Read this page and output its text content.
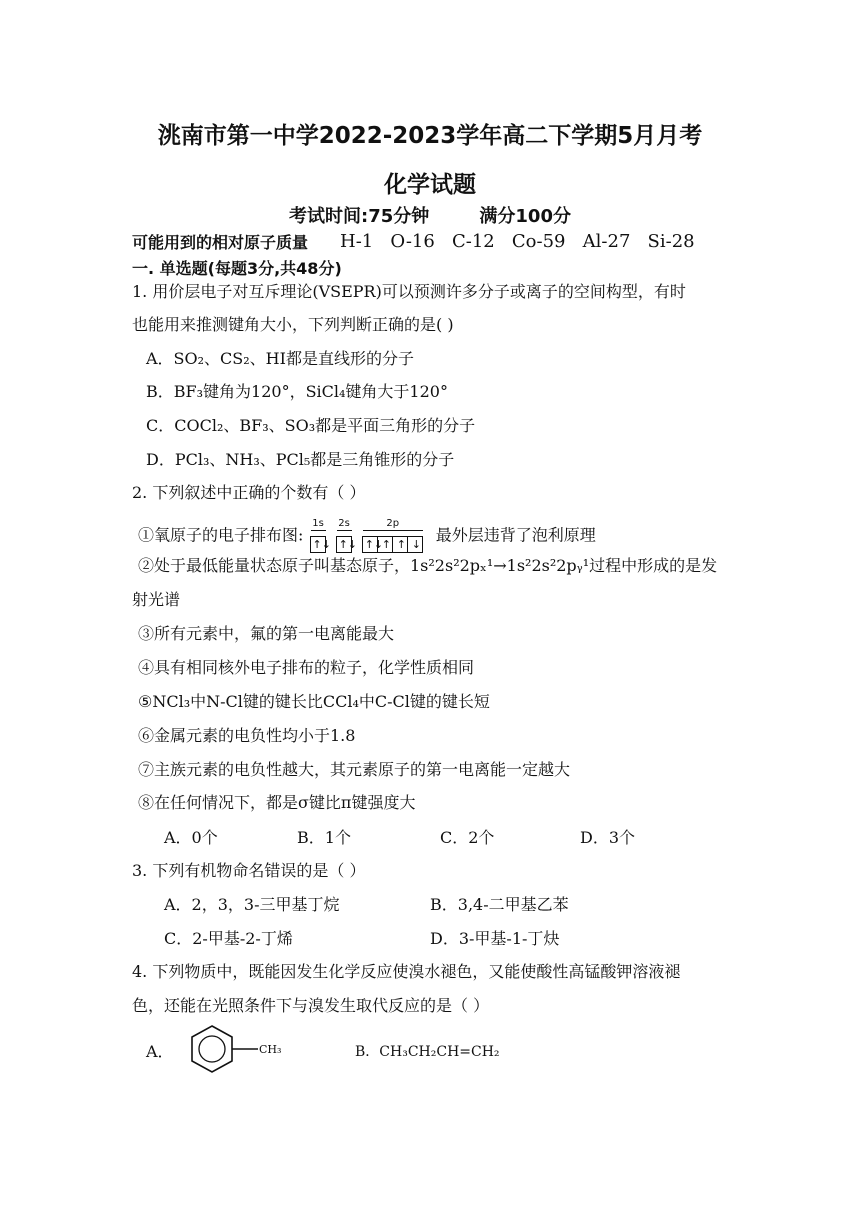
洮南市第一中学2022-2023学年高二下学期5月月考
化学试题
考试时间:75分钟        满分100分
可能用到的相对原子质量 H-1   O-16   C-12   Co-59   Al-27   Si-28
一. 单选题(每题3分,共48分)
1. 用价层电子对互斥理论(VSEPR)可以预测许多分子或离子的空间构型，有时
也能用来推测键角大小，下列判断正确的是( )
A．SO₂、CS₂、HI都是直线形的分子
B．BF₃键角为120°，SiCl₄键角大于120°
C．COCl₂、BF₃、SO₃都是平面三角形的分子
D．PCl₃、NH₃、PCl₅都是三角锥形的分子
2. 下列叙述中正确的个数有（ ）
①氧原子的电子排布图:
1s
↑↓

2s
↑↓

2p
↑↓
↑ ↑ ↓ 最外层违背了泡利原理
②处于最低能量状态原子叫基态原子，1s²2s²2pₓ¹→1s²2s²2pᵧ¹过程中形成的是发
射光谱
③所有元素中，氟的第一电离能最大
④具有相同核外电子排布的粒子，化学性质相同
⑤NCl₃中N-Cl键的键长比CCl₄中C-Cl键的键长短
⑥金属元素的电负性均小于1.8
⑦主族元素的电负性越大，其元素原子的第一电离能一定越大
⑧在任何情况下，都是σ键比π键强度大
A．0个	B．1个	C．2个	D．3个
3. 下列有机物命名错误的是（ ）
A．2，3，3-三甲基丁烷	B．3,4-二甲基乙苯
C．2-甲基-2-丁烯	D．3-甲基-1-丁炔
4. 下列物质中，既能因发生化学反应使溴水褪色，又能使酸性高锰酸钾溶液褪
色，还能在光照条件下与溴发生取代反应的是（ ）
A．	CH₃	B．CH₃CH₂CH=CH₂
